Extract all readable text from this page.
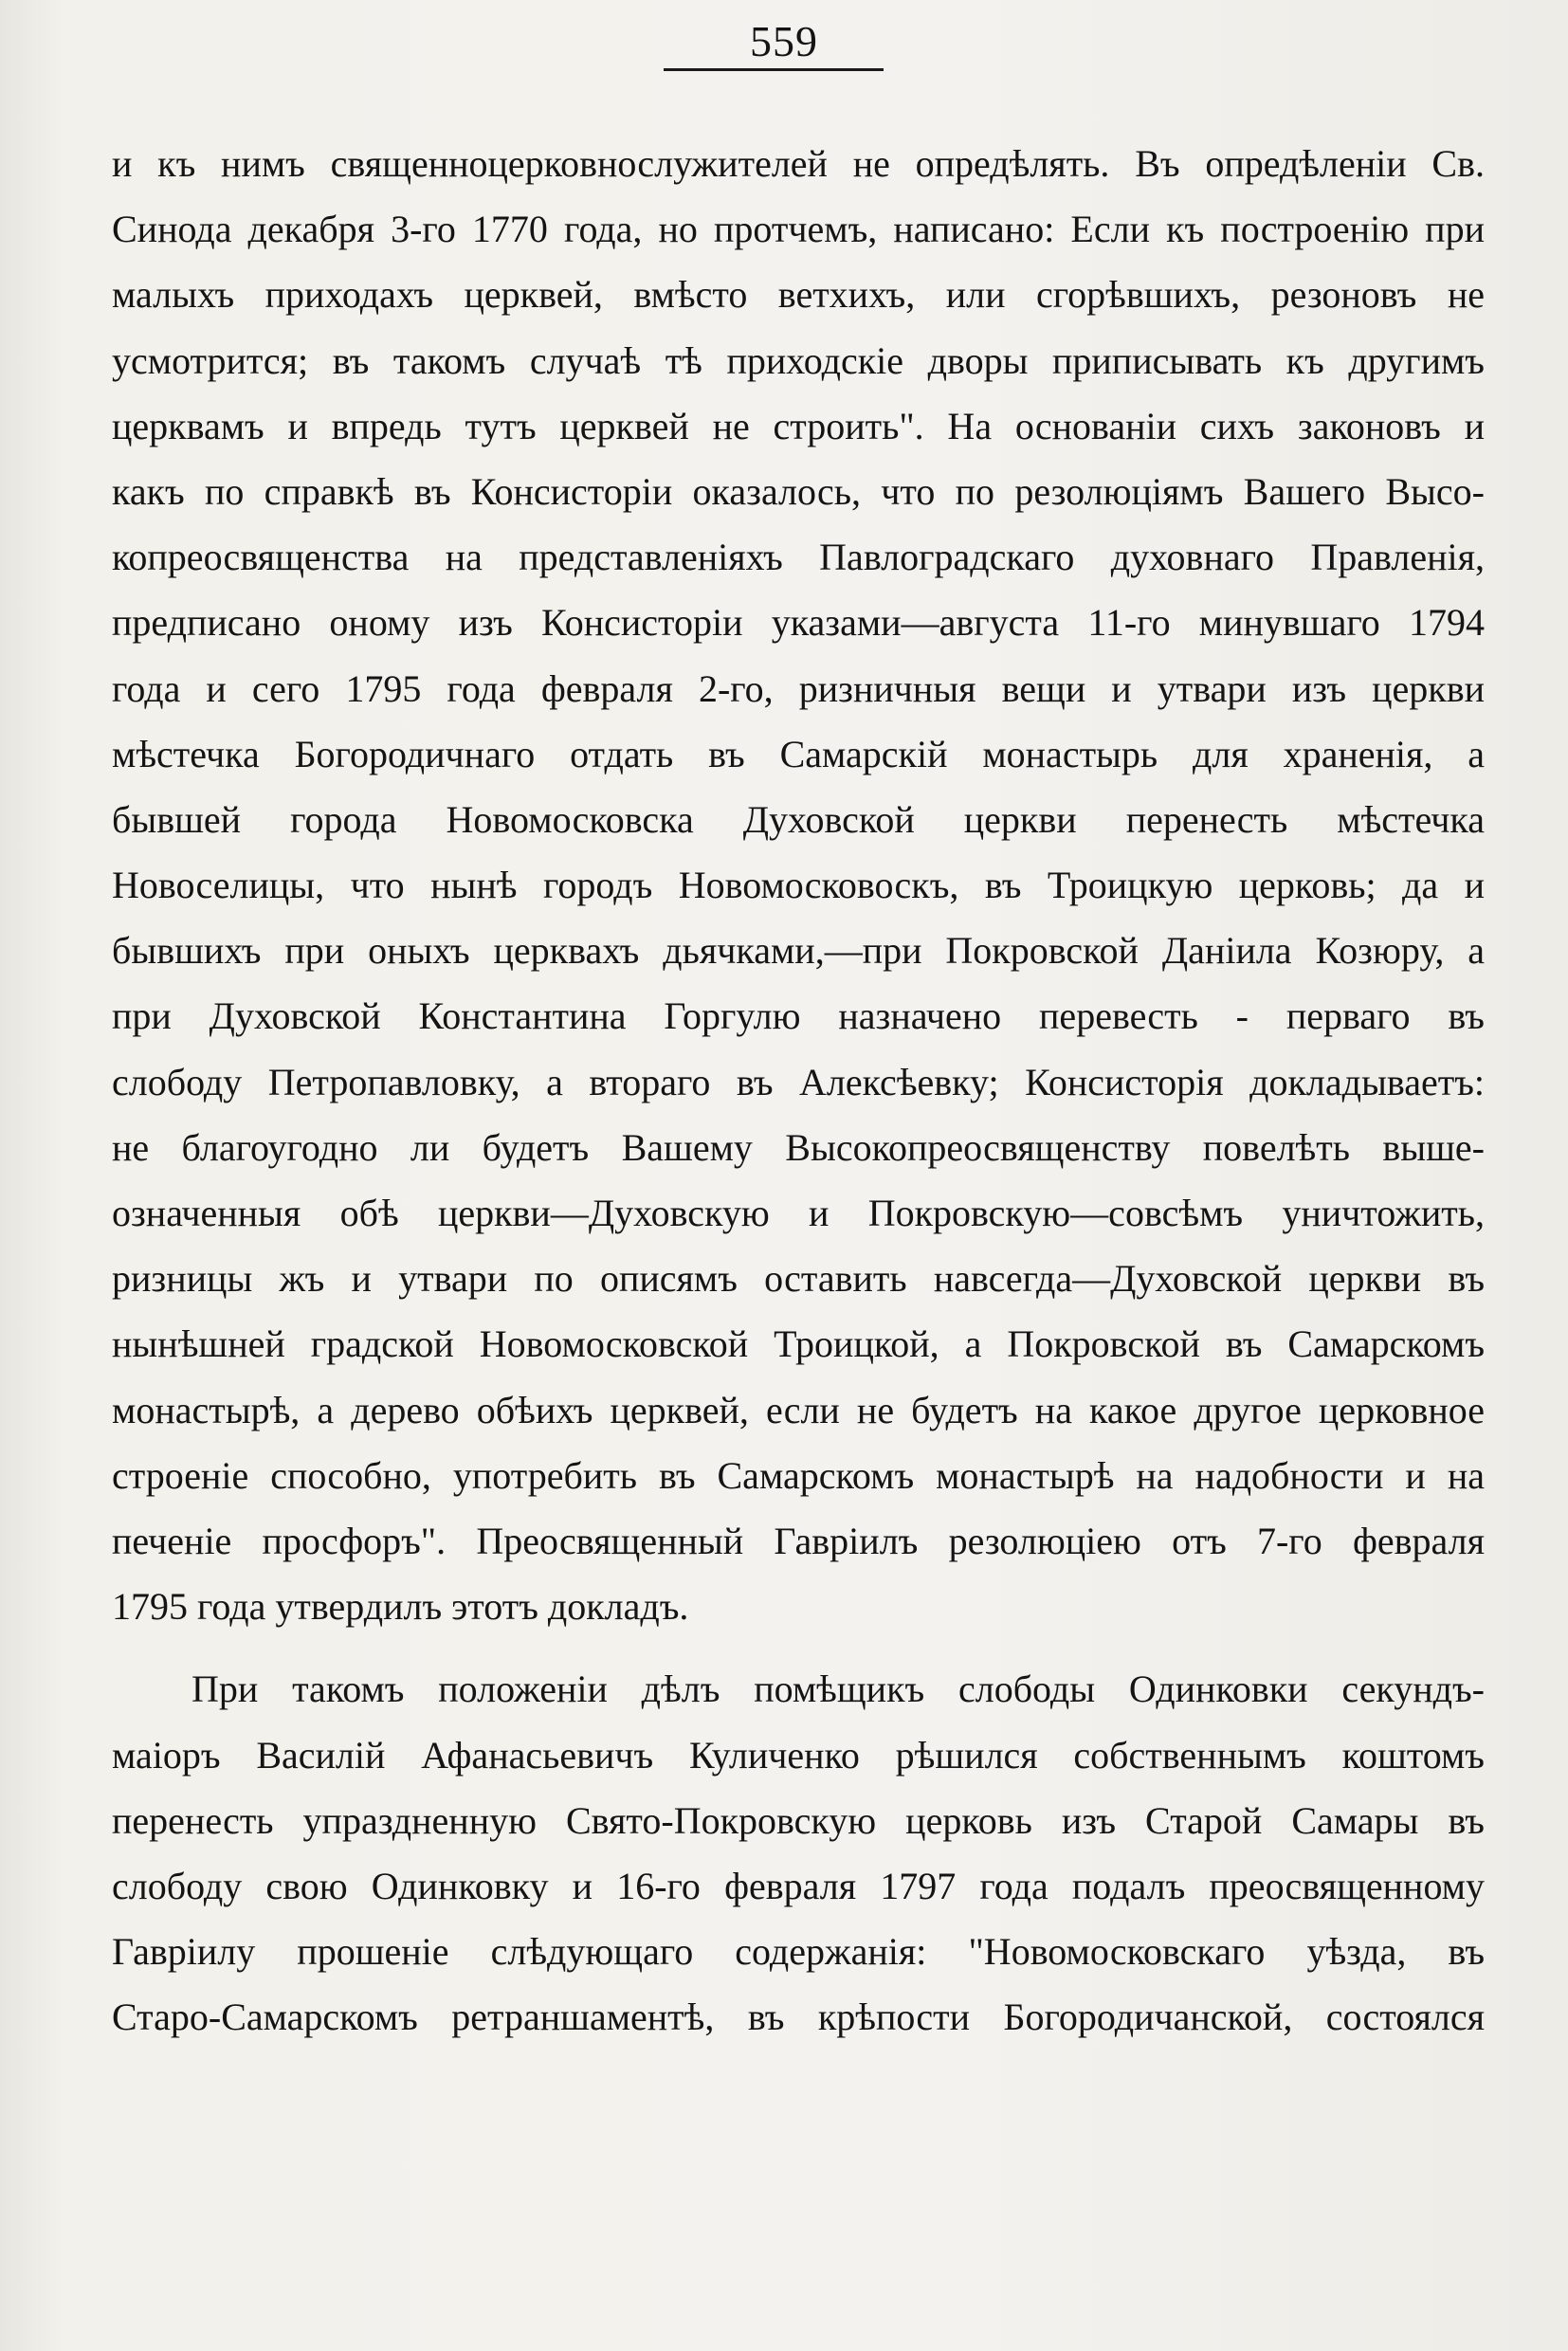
559
и къ нимъ священноцерковнослужителей не опредѣлять. Въ опредѣленіи Св.
Синода декабря 3-го 1770 года, но протчемъ, написано: Если къ построенію при
малыхъ приходахъ церквей, вмѣсто ветхихъ, или сгорѣвшихъ, резоновъ не
усмотрится; въ такомъ случаѣ тѣ приходскіе дворы приписывать къ другимъ
церквамъ и впредь тутъ церквей не строить". На основаніи сихъ законовъ и
какъ по справкѣ въ Консисторіи оказалось, что по резолюціямъ Вашего Высо-
копреосвященства на представленіяхъ Павлоградскаго духовнаго Правленія,
предписано оному изъ Консисторіи указами—августа 11-го минувшаго 1794
года и сего 1795 года февраля 2-го, ризничныя вещи и утвари изъ церкви
мѣстечка Богородичнаго отдать въ Самарскій монастырь для храненія, а
бывшей города Новомосковска Духовской церкви перенесть мѣстечка
Новоселицы, что нынѣ городъ Новомосковоскъ, въ Троицкую церковь; да и
бывшихъ при оныхъ церквахъ дьячками,—при Покровской Даніила Козюру, а
при Духовской Константина Горгулю назначено перевесть - перваго въ
слободу Петропавловку, а втораго въ Алексѣевку; Консисторія докладываетъ:
не благоугодно ли будетъ Вашему Высокопреосвященству повелѣть выше-
означенныя обѣ церкви—Духовскую и Покровскую—совсѣмъ уничтожить,
ризницы жъ и утвари по описямъ оставить навсегда—Духовской церкви въ
нынѣшней градской Новомосковской Троицкой, а Покровской въ Самарскомъ
монастырѣ, а дерево обѣихъ церквей, если не будетъ на какое другое церковное
строеніе способно, употребить въ Самарскомъ монастырѣ на надобности и на
печеніе просфоръ". Преосвященный Гавріилъ резолюціею отъ 7-го февраля
1795 года утвердилъ этотъ докладъ.
При такомъ положеніи дѣлъ помѣщикъ слободы Одинковки секундъ-
маіоръ Василій Афанасьевичъ Куличенко рѣшился собственнымъ коштомъ
перенесть упраздненную Свято-Покровскую церковь изъ Старой Самары въ
слободу свою Одинковку и 16-го февраля 1797 года подалъ преосвященному
Гавріилу прошеніе слѣдующаго содержанія: "Новомосковскаго уѣзда, въ
Старо-Самарскомъ ретраншаментѣ, въ крѣпости Богородичанской, состоялся
